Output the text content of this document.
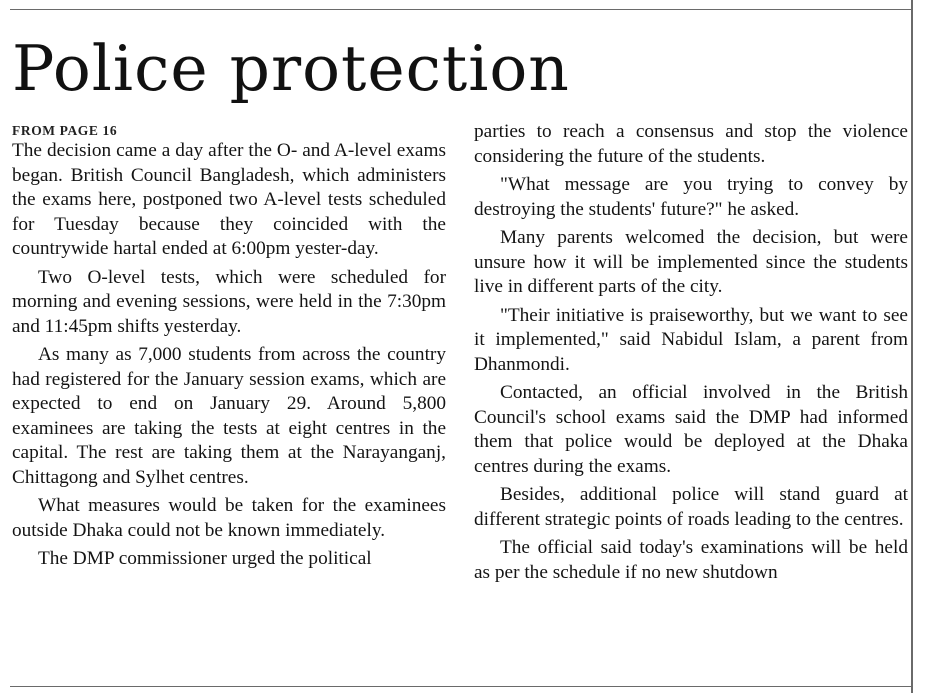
Police protection

FROM PAGE 16

The decision came a day after the O- and A-level exams began. British Council Bangladesh, which administers the exams here, postponed two A-level tests scheduled for Tuesday because they coincided with the countrywide hartal ended at 6:00pm yester-day.

Two O-level tests, which were scheduled for morning and evening sessions, were held in the 7:30pm and 11:45pm shifts yesterday.

As many as 7,000 students from across the country had registered for the January session exams, which are expected to end on January 29. Around 5,800 examinees are taking the tests at eight centres in the capital. The rest are taking them at the Narayanganj, Chittagong and Sylhet centres.

What measures would be taken for the examinees outside Dhaka could not be known immediately.

The DMP commissioner urged the political

parties to reach a consensus and stop the violence considering the future of the students.

"What message are you trying to convey by destroying the students' future?" he asked.

Many parents welcomed the decision, but were unsure how it will be implemented since the students live in different parts of the city.

"Their initiative is praiseworthy, but we want to see it implemented," said Nabidul Islam, a parent from Dhanmondi.

Contacted, an official involved in the British Council's school exams said the DMP had informed them that police would be deployed at the Dhaka centres during the exams.

Besides, additional police will stand guard at different strategic points of roads leading to the centres.

The official said today's examinations will be held as per the schedule if no new shutdown
